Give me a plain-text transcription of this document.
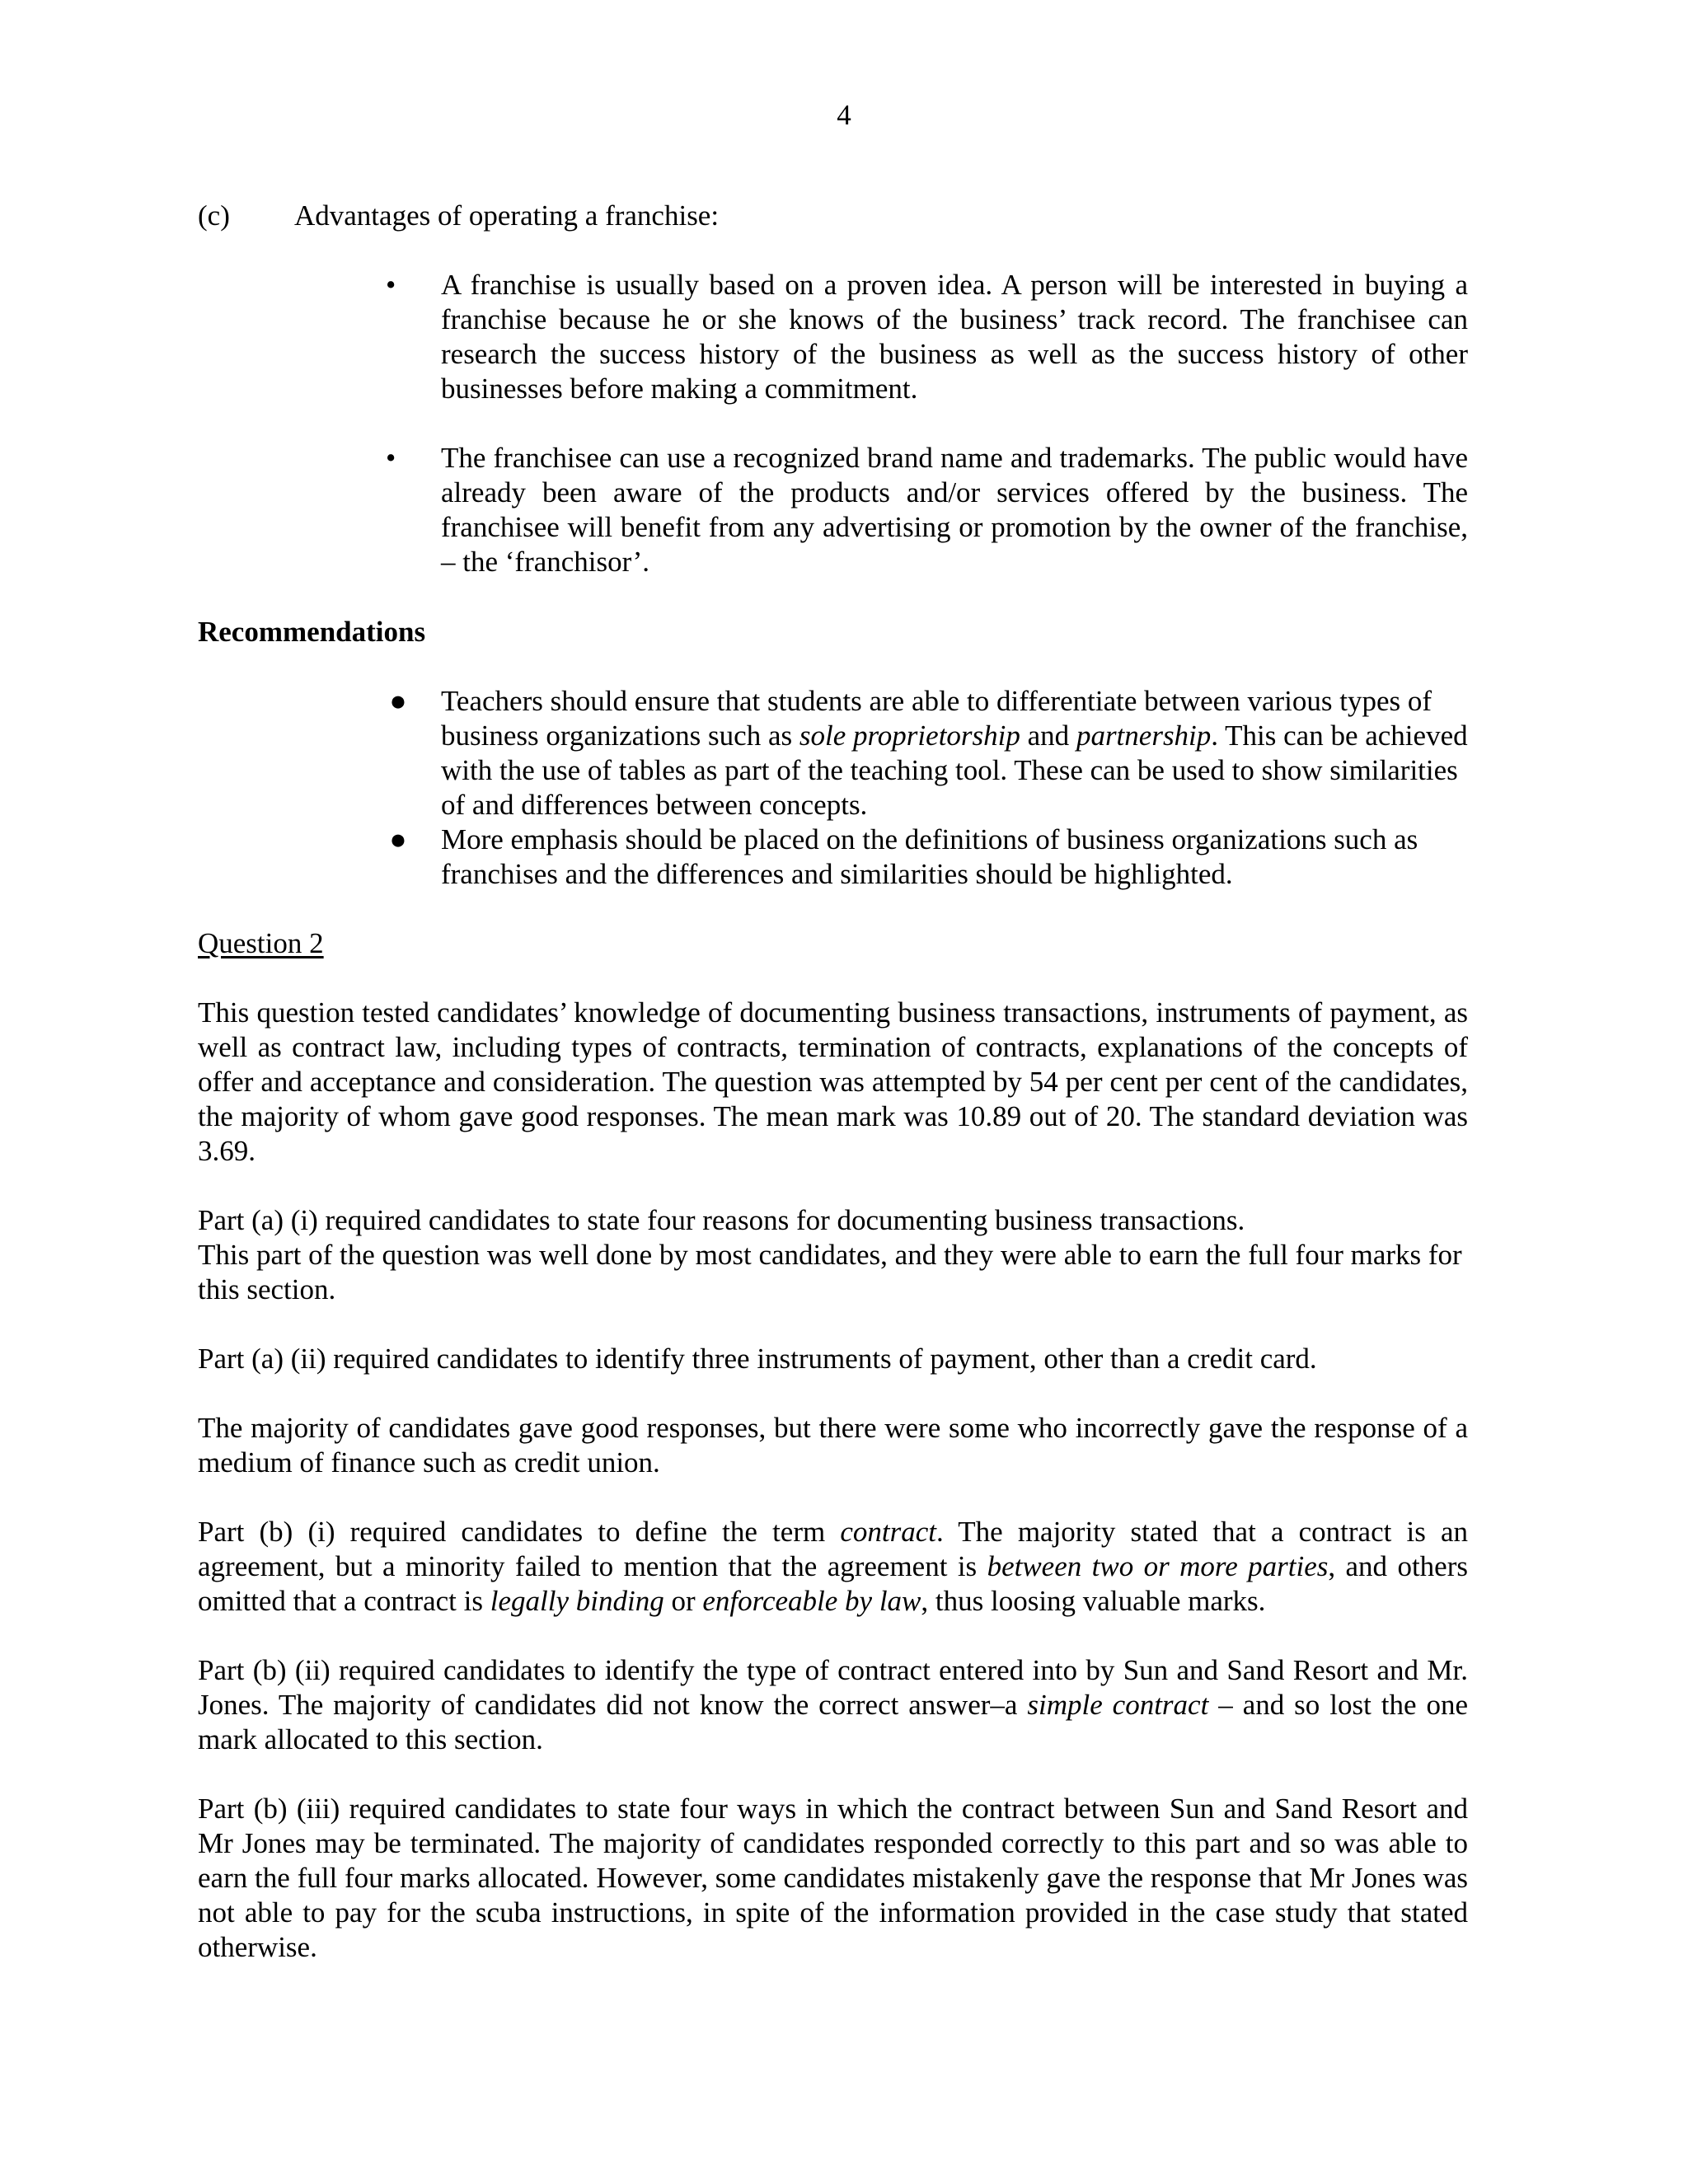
4
(c) Advantages of operating a franchise:
•	A franchise is usually based on a proven idea. A person will be interested in buying a franchise because he or she knows of the business’ track record. The franchisee can research the success history of the business as well as the success history of other businesses before making a commitment.
•	The franchisee can use a recognized brand name and trademarks. The public would have already been aware of the products and/or services offered by the business. The franchisee will benefit from any advertising or promotion by the owner of the franchise, – the ‘franchisor’.
Recommendations
● Teachers should ensure that students are able to differentiate between various types of business organizations such as sole proprietorship and partnership. This can be achieved with the use of tables as part of the teaching tool. These can be used to show similarities of and differences between concepts.
● More emphasis should be placed on the definitions of business organizations such as franchises and the differences and similarities should be highlighted.
Question 2

This question tested candidates’ knowledge of documenting business transactions, instruments of payment, as well as contract law, including types of contracts, termination of contracts, explanations of the concepts of offer and acceptance and consideration. The question was attempted by 54 per cent per cent of the candidates, the majority of whom gave good responses. The mean mark was 10.89 out of 20. The standard deviation was 3.69.

Part (a) (i) required candidates to state four reasons for documenting business transactions.
This part of the question was well done by most candidates, and they were able to earn the full four marks for this section.

Part (a) (ii) required candidates to identify three instruments of payment, other than a credit card.

The majority of candidates gave good responses, but there were some who incorrectly gave the response of a medium of finance such as credit union.

Part (b) (i) required candidates to define the term contract. The majority stated that a contract is an agreement, but a minority failed to mention that the agreement is between two or more parties, and others omitted that a contract is legally binding or enforceable by law, thus loosing valuable marks.

Part (b) (ii) required candidates to identify the type of contract entered into by Sun and Sand Resort and Mr. Jones. The majority of candidates did not know the correct answer–a simple contract – and so lost the one mark allocated to this section.

Part (b) (iii) required candidates to state four ways in which the contract between Sun and Sand Resort and Mr Jones may be terminated. The majority of candidates responded correctly to this part and so was able to earn the full four marks allocated. However, some candidates mistakenly gave the response that Mr Jones was not able to pay for the scuba instructions, in spite of the information provided in the case study that stated otherwise.
